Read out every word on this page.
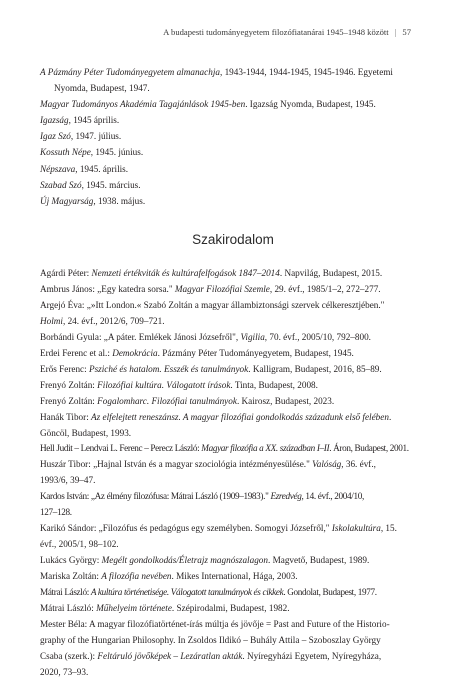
A budapesti tudományegyetem filozófiatanárai 1945–1948 között | 57

A Pázmány Péter Tudományegyetem almanachja, 1943-1944, 1944-1945, 1945-1946. Egyetemi
Nyomda, Budapest, 1947.

Magyar Tudományos Akadémia Tagajánlások 1945-ben. Igazság Nyomda, Budapest, 1945.

Igazság, 1945 április.

Igaz Szó, 1947. július.

Kossuth Népe, 1945. június.

Népszava, 1945. április.

Szabad Szó, 1945. március.

Új Magyarság, 1938. május.

Szakirodalom
Agárdi Péter: Nemzeti értékviták és kultúrafelfogások 1847–2014. Napvilág, Budapest, 2015.
Ambrus János: „Egy katedra sorsa." Magyar Filozófiai Szemle, 29. évf., 1985/1–2, 272–277.
Argejó Éva: „»Itt London.« Szabó Zoltán a magyar állambiztonsági szervek célkeresztjében."
Holmi, 24. évf., 2012/6, 709–721.
Borbándi Gyula: „A páter. Emlékek Jánosi Józsefről", Vigilia, 70. évf., 2005/10, 792–800.
Erdei Ferenc et al.: Demokrácia. Pázmány Péter Tudományegyetem, Budapest, 1945.
Erős Ferenc: Psziché és hatalom. Esszék és tanulmányok. Kalligram, Budapest, 2016, 85–89.
Frenyó Zoltán: Filozófiai kultúra. Válogatott írások. Tinta, Budapest, 2008.
Frenyó Zoltán: Fogalomharc. Filozófiai tanulmányok. Kairosz, Budapest, 2023.
Hanák Tibor: Az elfelejtett reneszánsz. A magyar filozófiai gondolkodás századunk első felében.
Göncöl, Budapest, 1993.
Hell Judit – Lendvai L. Ferenc – Perecz László: Magyar filozófia a XX. században I–II. Áron, Budapest, 2001.
Huszár Tibor: „Hajnal István és a magyar szociológia intézményesülése." Valóság, 36. évf.,
1993/6, 39–47.
Kardos István: „Az élmény filozófusa: Mátrai László (1909–1983)." Ezredvég, 14. évf., 2004/10,
127–128.
Karikó Sándor: „Filozófus és pedagógus egy személyben. Somogyi Józsefről," Iskolakultúra, 15.
évf., 2005/1, 98–102.
Lukács György: Megélt gondolkodás/Életrajz magnószalagon. Magvető, Budapest, 1989.
Mariska Zoltán: A filozófia nevében. Mikes International, Hága, 2003.
Mátrai László: A kultúra történetisége. Válogatott tanulmányok és cikkek. Gondolat, Budapest, 1977.
Mátrai László: Műhelyeim története. Szépirodalmi, Budapest, 1982.
Mester Béla: A magyar filozófiatörténet-írás múltja és jövője = Past and Future of the Historio-
graphy of the Hungarian Philosophy. In Zsoldos Ildikó – Buhály Attila – Szoboszlay György
Csaba (szerk.): Feltáruló jövőképek – Lezáratlan akták. Nyíregyházi Egyetem, Nyíregyháza,
2020, 73–93.
